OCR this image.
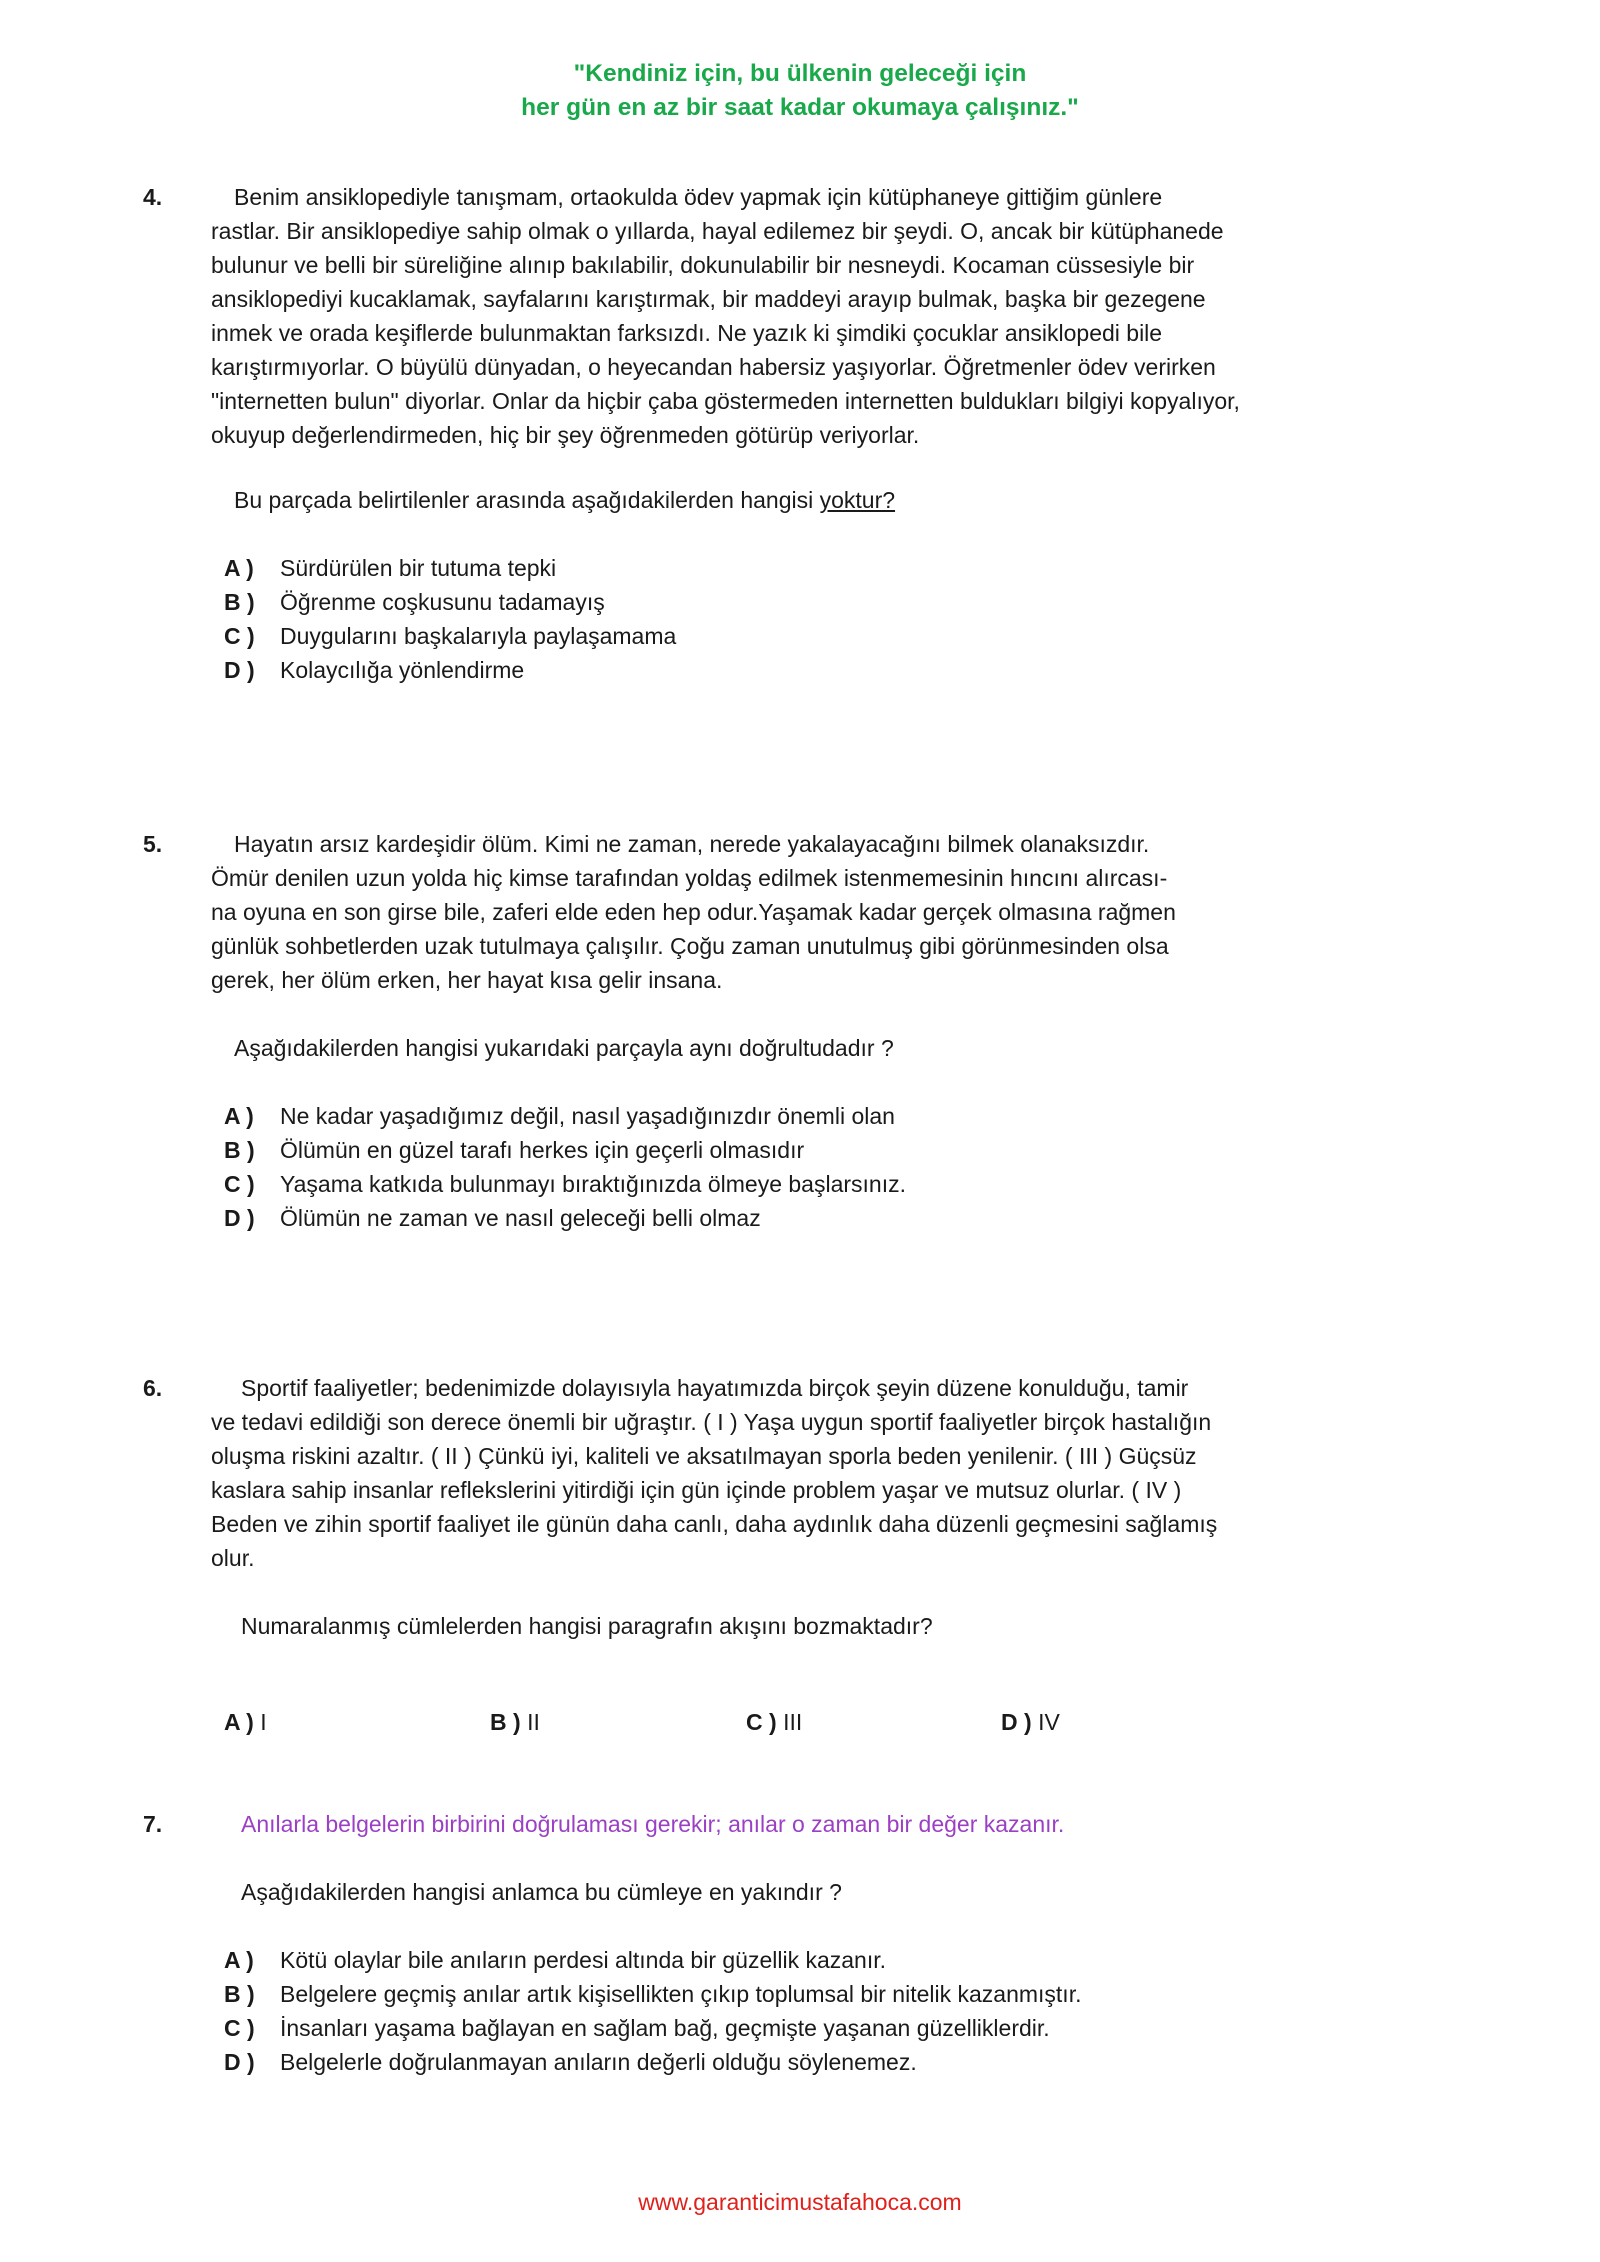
"Kendiniz için, bu ülkenin geleceği için
her gün en az bir saat kadar okumaya çalışınız."
4.	Benim ansiklopediyle tanışmam, ortaokulda ödev yapmak için kütüphaneye gittiğim günlere
rastlar. Bir ansiklopediye sahip olmak o yıllarda, hayal edilemez bir şeydi. O, ancak bir kütüphanede
bulunur ve belli bir süreliğine alınıp bakılabilir, dokunulabilir bir nesneydi. Kocaman cüssesiyle bir
ansiklopediyi kucaklamak, sayfalarını karıştırmak, bir maddeyi arayıp bulmak, başka bir gezegene
inmek ve orada keşiflerde bulunmaktan farksızdı. Ne yazık ki şimdiki çocuklar ansiklopedi bile
karıştırmıyorlar. O büyülü dünyadan, o heyecandan habersiz yaşıyorlar. Öğretmenler ödev verirken
"internetten bulun" diyorlar. Onlar da hiçbir çaba göstermeden internetten buldukları bilgiyi kopyalıyor,
okuyup değerlendirmeden, hiç bir şey öğrenmeden götürüp veriyorlar.
Bu parçada belirtilenler arasında aşağıdakilerden hangisi yoktur?
A ) Sürdürülen bir tutuma tepki
B ) Öğrenme coşkusunu tadamayış
C ) Duygularını başkalarıyla paylaşamama
D ) Kolaycılığa yönlendirme
5.	Hayatın arsız kardeşidir ölüm. Kimi ne zaman, nerede yakalayacağını bilmek olanaksızdır.
Ömür denilen uzun yolda hiç kimse tarafından yoldaş edilmek istenmemesinin hıncını alırcası-
na oyuna en son girse bile, zaferi elde eden hep odur.Yaşamak kadar gerçek olmasına rağmen
günlük sohbetlerden uzak tutulmaya çalışılır. Çoğu zaman unutulmuş gibi görünmesinden olsa
gerek, her ölüm erken, her hayat kısa gelir insana.
Aşağıdakilerden hangisi yukarıdaki parçayla aynı doğrultudadır ?
A ) Ne kadar yaşadığımız değil, nasıl yaşadığınızdır önemli olan
B ) Ölümün en güzel tarafı herkes için geçerli olmasıdır
C ) Yaşama katkıda bulunmayı bıraktığınızda ölmeye başlarsınız.
D ) Ölümün ne zaman ve nasıl geleceği belli olmaz
6.	Sportif faaliyetler; bedenimizde dolayısıyla hayatımızda birçok şeyin düzene konulduğu, tamir
ve tedavi edildiği son derece önemli bir uğraştır. ( I ) Yaşa uygun sportif faaliyetler birçok hastalığın
oluşma riskini azaltır. ( II ) Çünkü iyi, kaliteli ve aksatılmayan sporla beden yenilenir. ( III ) Güçsüz
kaslara sahip insanlar reflekslerini yitirdiği için gün içinde problem yaşar ve mutsuz olurlar. ( IV )
Beden ve zihin sportif faaliyet ile günün daha canlı, daha aydınlık daha düzenli geçmesini sağlamış
olur.
Numaralanmış cümlelerden hangisi paragrafın akışını bozmaktadır?
A ) I	B ) II	C ) III	D ) IV
7.	Anılarla belgelerin birbirini doğrulaması gerekir; anılar o zaman bir değer kazanır.
Aşağıdakilerden hangisi anlamca bu cümleye en yakındır ?
A ) Kötü olaylar bile anıların perdesi altında bir güzellik kazanır.
B ) Belgelere geçmiş anılar artık kişisellikten çıkıp toplumsal bir nitelik kazanmıştır.
C ) İnsanları yaşama bağlayan en sağlam bağ, geçmişte yaşanan güzelliklerdir.
D ) Belgelerle doğrulanmayan anıların değerli olduğu söylenemez.
www.garanticimustafahoca.com
